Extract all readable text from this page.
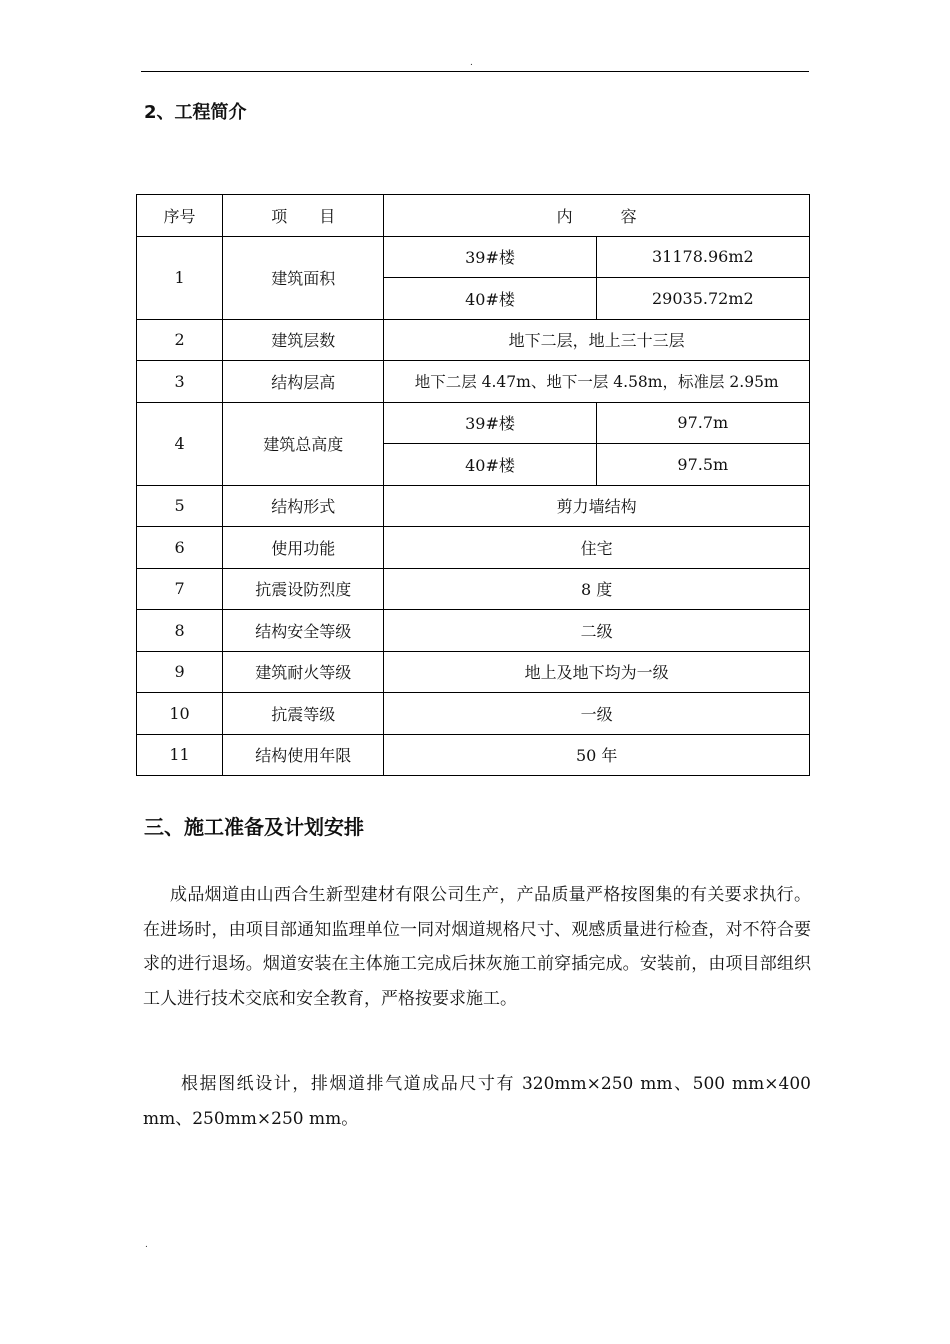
.
2、工程简介
序号	项　　目	内　　　容	
1	建筑面积	39#楼	31178.96m2
		40#楼	29035.72m2
2	建筑层数	地下二层，地上三十三层	
3	结构层高	地下二层 4.47m、地下一层 4.58m，标准层 2.95m	
4	建筑总高度	39#楼	97.7m
		40#楼	97.5m
5	结构形式	剪力墙结构	
6	使用功能	住宅	
7	抗震设防烈度	8 度	
8	结构安全等级	二级	
9	建筑耐火等级	地上及地下均为一级	
10	抗震等级	一级	
11	结构使用年限	50 年	
三、施工准备及计划安排

成品烟道由山西合生新型建材有限公司生产，产品质量严格按图集的有关要求执行。在进场时，由项目部通知监理单位一同对烟道规格尺寸、观感质量进行检查，对不符合要求的进行退场。烟道安装在主体施工完成后抹灰施工前穿插完成。安装前，由项目部组织工人进行技术交底和安全教育，严格按要求施工。

根据图纸设计，排烟道排气道成品尺寸有 320mm×250 mm、500 mm×400 mm、250mm×250 mm。

.
